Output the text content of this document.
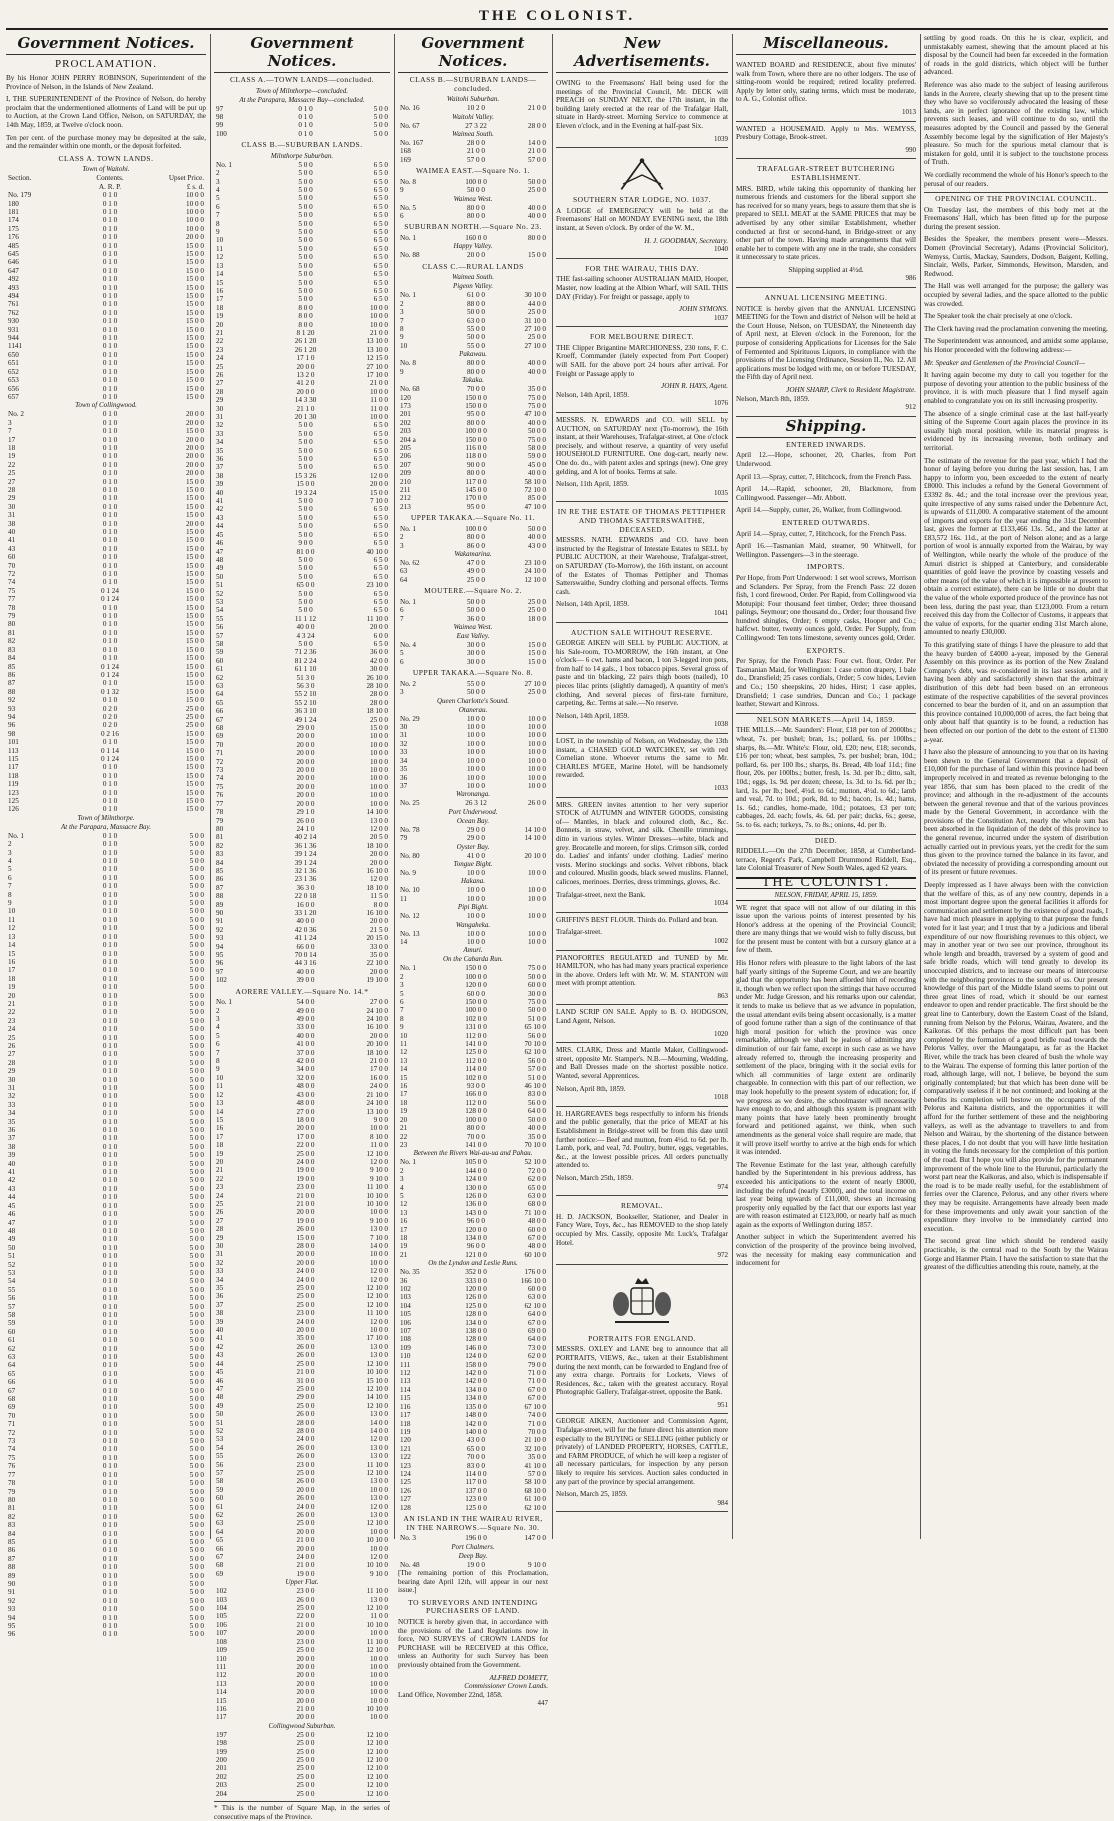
THE COLONIST.
Government Notices.
PROCLAMATION.

By his Honor JOHN PERRY ROBINSON, Superintendent of the Province of Nelson, in the Islands of New Zealand.

I, THE SUPERINTENDENT of the Province of Nelson, do hereby proclaim that the undermentioned allotments of Land will be put up to Auction, at the Crown Land Office, Nelson, on SATURDAY, the 14th May, 1859, at Twelve o'clock noon.

Ten per cent. of the purchase money may be deposited at the sale, and the remainder within one month, or the deposit forfeited.

CLASS A. TOWN LANDS.
Town of Waitohi.
Section.	Contents.	Upset Price.
	A. R. P.	£ s. d.
No. 179	0 1 0	10 0 0
180	0 1 0	10 0 0
181	0 1 0	10 0 0
174	0 1 0	10 0 0
175	0 1 0	10 0 0
176	0 1 0	20 0 0
485	0 1 0	15 0 0
645	0 1 0	15 0 0
646	0 1 0	15 0 0
647	0 1 0	15 0 0
492	0 1 0	15 0 0
493	0 1 0	15 0 0
494	0 1 0	15 0 0
761	0 1 0	15 0 0
762	0 1 0	15 0 0
930	0 1 0	15 0 0
931	0 1 0	15 0 0
944	0 1 0	15 0 0
1141	0 1 0	15 0 0
650	0 1 0	15 0 0
651	0 1 0	15 0 0
652	0 1 0	15 0 0
653	0 1 0	15 0 0
656	0 1 0	15 0 0
657	0 1 0	15 0 0
Town of Collingwood.
No. 2	0 1 0	20 0 0
3	0 1 0	20 0 0
7	0 1 0	15 0 0
17	0 1 0	20 0 0
18	0 1 0	20 0 0
19	0 1 0	20 0 0
22	0 1 0	20 0 0
25	0 1 0	20 0 0
27	0 1 0	15 0 0
28	0 1 0	15 0 0
29	0 1 0	15 0 0
30	0 1 0	15 0 0
31	0 1 0	15 0 0
38	0 1 0	20 0 0
40	0 1 0	15 0 0
41	0 1 0	15 0 0
43	0 1 0	15 0 0
60	0 1 0	15 0 0
70	0 1 0	15 0 0
72	0 1 0	15 0 0
74	0 1 0	15 0 0
75	0 1 24	15 0 0
77	0 1 24	15 0 0
78	0 1 0	15 0 0
79	0 1 0	15 0 0
80	0 1 0	15 0 0
81	0 1 0	15 0 0
82	0 1 0	15 0 0
83	0 1 0	15 0 0
84	0 1 0	15 0 0
85	0 1 24	15 0 0
86	0 1 24	15 0 0
87	0 1 0	15 0 0
88	0 1 32	15 0 0
92	0 1 0	15 0 0
93	0 2 0	25 0 0
94	0 2 0	25 0 0
96	0 2 0	25 0 0
98	0 2 16	15 0 0
101	0 1 0	15 0 0
113	0 1 14	15 0 0
115	0 1 24	15 0 0
117	0 1 0	15 0 0
118	0 1 0	15 0 0
119	0 1 0	15 0 0
123	0 1 0	15 0 0
125	0 1 0	15 0 0
126	0 1 0	15 0 0
Town of Milnthorpe.
At the Parapara, Massacre Bay.
No. 1	0 1 0	5 0 0
2	0 1 0	5 0 0
3	0 1 0	5 0 0
4	0 1 0	5 0 0
5	0 1 0	5 0 0
6	0 1 0	5 0 0
7	0 1 0	5 0 0
8	0 1 0	5 0 0
9	0 1 0	5 0 0
10	0 1 0	5 0 0
11	0 1 0	5 0 0
12	0 1 0	5 0 0
13	0 1 0	5 0 0
14	0 1 0	5 0 0
15	0 1 0	5 0 0
16	0 1 0	5 0 0
17	0 1 0	5 0 0
18	0 1 0	5 0 0
19	0 1 0	5 0 0
20	0 1 0	5 0 0
21	0 1 0	5 0 0
22	0 1 0	5 0 0
23	0 1 0	5 0 0
24	0 1 0	5 0 0
25	0 1 0	5 0 0
26	0 1 0	5 0 0
27	0 1 0	5 0 0
28	0 1 0	5 0 0
29	0 1 0	5 0 0
30	0 1 0	5 0 0
31	0 1 0	5 0 0
32	0 1 0	5 0 0
33	0 1 0	5 0 0
34	0 1 0	5 0 0
35	0 1 0	5 0 0
36	0 1 0	5 0 0
37	0 1 0	5 0 0
38	0 1 0	5 0 0
39	0 1 0	5 0 0
40	0 1 0	5 0 0
41	0 1 0	5 0 0
42	0 1 0	5 0 0
43	0 1 0	5 0 0
44	0 1 0	5 0 0
45	0 1 0	5 0 0
46	0 1 0	5 0 0
47	0 1 0	5 0 0
48	0 1 0	5 0 0
49	0 1 0	5 0 0
50	0 1 0	5 0 0
51	0 1 0	5 0 0
52	0 1 0	5 0 0
53	0 1 0	5 0 0
54	0 1 0	5 0 0
55	0 1 0	5 0 0
56	0 1 0	5 0 0
57	0 1 0	5 0 0
58	0 1 0	5 0 0
59	0 1 0	5 0 0
60	0 1 0	5 0 0
61	0 1 0	5 0 0
62	0 1 0	5 0 0
63	0 1 0	5 0 0
64	0 1 0	5 0 0
65	0 1 0	5 0 0
66	0 1 0	5 0 0
67	0 1 0	5 0 0
68	0 1 0	5 0 0
69	0 1 0	5 0 0
70	0 1 0	5 0 0
71	0 1 0	5 0 0
72	0 1 0	5 0 0
73	0 1 0	5 0 0
74	0 1 0	5 0 0
75	0 1 0	5 0 0
76	0 1 0	5 0 0
77	0 1 0	5 0 0
78	0 1 0	5 0 0
79	0 1 0	5 0 0
80	0 1 0	5 0 0
81	0 1 0	5 0 0
82	0 1 0	5 0 0
83	0 1 0	5 0 0
84	0 1 0	5 0 0
85	0 1 0	5 0 0
86	0 1 0	5 0 0
87	0 1 0	5 0 0
88	0 1 0	5 0 0
89	0 1 0	5 0 0
90	0 1 0	5 0 0
91	0 1 0	5 0 0
92	0 1 0	5 0 0
93	0 1 0	5 0 0
94	0 1 0	5 0 0
95	0 1 0	5 0 0
96	0 1 0	5 0 0
Government Notices.
CLASS A.—TOWN LANDS—concluded.
Town of Milnthorpe—concluded.
At the Parapara, Massacre Bay—concluded.
97	0 1 0	5 0 0
98	0 1 0	5 0 0
99	0 1 0	5 0 0
100	0 1 0	5 0 0
CLASS B.—SUBURBAN LANDS.
Milnthorpe Suburban.
No. 1	5 0 0	6 5 0
2	5 0 0	6 5 0
3	5 0 0	6 5 0
4	5 0 0	6 5 0
5	5 0 0	6 5 0
6	5 0 0	6 5 0
7	5 0 0	6 5 0
8	5 0 0	6 5 0
9	5 0 0	6 5 0
10	5 0 0	6 5 0
11	5 0 0	6 5 0
12	5 0 0	6 5 0
13	5 0 0	6 5 0
14	5 0 0	6 5 0
15	5 0 0	6 5 0
16	5 0 0	6 5 0
17	5 0 0	6 5 0
18	8 0 0	10 0 0
19	8 0 0	10 0 0
20	8 0 0	10 0 0
21	8 1 20	21 0 0
22	26 1 20	13 10 0
23	26 1 20	13 10 0
24	17 1 0	12 15 0
25	20 0 0	27 10 0
26	13 2 0	17 10 0
27	41 2 0	21 0 0
28	20 0 0	10 0 0
29	14 3 30	11 0 0
30	21 1 0	11 0 0
31	20 1 30	10 0 0
32	5 0 0	6 5 0
33	5 0 0	6 5 0
34	5 0 0	6 5 0
35	5 0 0	6 5 0
36	5 0 0	6 5 0
37	5 0 0	6 5 0
38	15 3 26	12 0 0
39	15 0 0	20 0 0
40	19 3 24	15 0 0
41	5 0 0	7 10 0
42	5 0 0	6 5 0
43	5 0 0	6 5 0
44	5 0 0	6 5 0
45	5 0 0	6 5 0
46	9 0 0	6 5 0
47	81 0 0	40 10 0
48	5 0 0	6 5 0
49	5 0 0	6 5 0
50	5 0 0	6 5 0
51	65 0 0	23 10 0
52	5 0 0	6 5 0
53	5 0 0	6 5 0
54	5 0 0	6 5 0
55	11 1 12	11 10 0
56	40 0 0	20 0 0
57	4 3 24	6 0 0
58	5 0 0	6 5 0
59	71 2 36	36 0 0
60	81 2 24	42 0 0
61	61 1 10	30 0 0
62	51 3 0	26 10 0
63	56 3 0	28 10 0
64	55 2 10	28 0 0
65	55 2 10	28 0 0
66	36 3 10	18 10 0
67	49 1 24	25 0 0
68	29 0 0	15 0 0
69	20 0 0	10 0 0
70	20 0 0	10 0 0
71	20 0 0	10 0 0
72	20 0 0	10 0 0
73	20 0 0	10 0 0
74	20 0 0	10 0 0
75	20 0 0	10 0 0
76	20 0 0	10 0 0
77	20 0 0	10 0 0
78	29 1 0	14 10 0
79	26 0 0	13 0 0
80	24 1 0	12 0 0
81	40 2 14	20 5 0
82	36 1 36	18 10 0
83	39 1 24	20 0 0
84	39 1 24	20 0 0
85	32 1 36	16 10 0
86	23 1 36	12 0 0
87	36 3 0	18 10 0
88	22 0 18	11 5 0
89	16 0 0	8 0 0
90	33 1 20	16 10 0
91	40 0 0	20 0 0
92	42 0 36	21 5 0
93	41 1 24	20 15 0
94	66 0 0	33 0 0
95	70 0 14	35 0 0
96	44 3 16	22 10 0
97	40 0 0	20 0 0
102	39 0 0	19 10 0
AORERE VALLEY.—Square No. 14.*
No. 1	54 0 0	27 0 0
2	49 0 0	24 10 0
3	49 0 0	24 10 0
4	33 0 0	16 10 0
5	40 0 0	20 0 0
6	41 0 0	20 10 0
7	37 0 0	18 10 0
8	42 0 0	21 0 0
9	34 0 0	17 0 0
10	32 0 0	16 0 0
11	48 0 0	24 0 0
12	43 0 0	21 10 0
13	48 0 0	24 10 0
14	27 0 0	13 10 0
15	18 0 0	9 0 0
16	20 0 0	10 0 0
17	17 0 0	8 10 0
18	22 0 0	11 0 0
19	25 0 0	12 10 0
20	24 0 0	12 0 0
21	19 0 0	9 10 0
22	19 0 0	9 10 0
23	23 0 0	11 10 0
24	21 0 0	10 10 0
25	21 0 0	10 10 0
26	20 0 0	10 0 0
27	19 0 0	9 10 0
28	26 0 0	13 0 0
29	15 0 0	7 10 0
30	28 0 0	14 0 0
31	20 0 0	10 0 0
32	20 0 0	10 0 0
33	24 0 0	12 0 0
34	24 0 0	12 0 0
35	25 0 0	12 10 0
36	25 0 0	12 10 0
37	25 0 0	12 10 0
38	23 0 0	11 10 0
39	24 0 0	12 0 0
40	20 0 0	10 0 0
41	35 0 0	17 10 0
42	26 0 0	13 0 0
43	26 0 0	13 0 0
44	25 0 0	12 10 0
45	21 0 0	10 10 0
46	31 0 0	15 10 0
47	25 0 0	12 10 0
48	29 0 0	14 10 0
49	25 0 0	12 10 0
50	26 0 0	13 0 0
51	28 0 0	14 0 0
52	28 0 0	14 0 0
53	24 0 0	12 0 0
54	26 0 0	13 0 0
55	26 0 0	13 0 0
56	23 0 0	11 10 0
57	25 0 0	12 10 0
58	26 0 0	13 0 0
59	20 0 0	10 0 0
60	26 0 0	13 0 0
61	24 0 0	12 0 0
62	26 0 0	13 0 0
63	25 0 0	12 10 0
64	20 0 0	10 0 0
65	21 0 0	10 10 0
66	20 0 0	10 0 0
67	24 0 0	12 0 0
68	21 0 0	10 10 0
69	19 0 0	9 10 0
Upper Flat.
102	23 0 0	11 10 0
103	26 0 0	13 0 0
104	25 0 0	12 10 0
105	22 0 0	11 0 0
106	21 0 0	10 10 0
107	20 0 0	10 0 0
108	23 0 0	11 10 0
109	25 0 0	12 10 0
110	20 0 0	10 0 0
111	20 0 0	10 0 0
112	20 0 0	10 0 0
113	20 0 0	10 0 0
114	20 0 0	10 0 0
115	20 0 0	10 0 0
116	21 0 0	10 10 0
117	20 0 0	10 0 0
Collingwood Suburban.
197	25 0 0	12 10 0
198	25 0 0	12 10 0
199	25 0 0	12 10 0
200	25 0 0	12 10 0
201	25 0 0	12 10 0
202	25 0 0	12 10 0
203	25 0 0	12 10 0
204	25 0 0	12 10 0

* This is the number of Square Map, in the series of consecutive maps of the Province.

Government Notices.
CLASS B.—SUBURBAN LANDS—concluded.
Waitohi Suburban.
No. 16	10 2 0	21 0 0
Waitohi Valley.
No. 67	27 3 22	28 0 0
Waimea South.
No. 167	28 0 0	14 0 0
168	21 0 0	21 0 0
169	57 0 0	57 0 0
WAIMEA EAST.—Square No. 1.
No. 8	100 0 0	50 0 0
9	50 0 0	25 0 0
Waimea West.
No. 5	80 0 0	40 0 0
6	80 0 0	40 0 0
SUBURBAN NORTH.—Square No. 23.
No. 1	160 0 0	80 0 0
Happy Valley.
No. 88	20 0 0	15 0 0
CLASS C.—RURAL LANDS
Waimea South.
Pigeon Valley.
No. 1	61 0 0	30 10 0
2	88 0 0	44 0 0
3	50 0 0	25 0 0
7	63 0 0	31 10 0
8	55 0 0	27 10 0
9	50 0 0	25 0 0
10	55 0 0	27 10 0
Pakawau.
No. 8	80 0 0	40 0 0
9	80 0 0	40 0 0
Takaka.
No. 68	70 0 0	35 0 0
120	150 0 0	75 0 0
173	150 0 0	75 0 0
201	95 0 0	47 10 0
202	80 0 0	40 0 0
203	100 0 0	50 0 0
204 a	150 0 0	75 0 0
205	116 0 0	58 0 0
206	118 0 0	59 0 0
207	90 0 0	45 0 0
209	80 0 0	40 0 0
210	117 0 0	58 10 0
211	145 0 0	72 10 0
212	170 0 0	85 0 0
213	95 0 0	47 10 0
UPPER TAKAKA.—Square No. 11.
No. 1	100 0 0	50 0 0
2	80 0 0	40 0 0
3	86 0 0	43 0 0
Wakamarina.
No. 62	47 0 0	23 10 0
63	49 0 0	24 10 0
64	25 0 0	12 10 0
MOUTERE.—Square No. 2.
No. 1	50 0 0	25 0 0
6	50 0 0	25 0 0
7	36 0 0	18 0 0
Waimea West.
East Valley.
No. 4	30 0 0	15 0 0
5	30 0 0	15 0 0
6	30 0 0	15 0 0
UPPER TAKAKA.—Square No. 8.
No. 2	55 0 0	27 10 0
3	50 0 0	25 0 0
Queen Charlotte's Sound.
Otanerau.
No. 29	10 0 0	10 0 0
30	10 0 0	10 0 0
31	10 0 0	10 0 0
32	10 0 0	10 0 0
33	10 0 0	10 0 0
34	10 0 0	10 0 0
35	10 0 0	10 0 0
36	10 0 0	10 0 0
37	10 0 0	10 0 0
Waronanga.
No. 25	26 3 12	26 0 0
Port Underwood.
Ocean Bay.
No. 78	29 0 0	14 10 0
79	29 0 0	14 10 0
Oyster Bay.
No. 80	41 0 0	20 10 0
Tongue Bight.
No. 9	10 0 0	10 0 0
Hakana.
No. 10	10 0 0	10 0 0
11	10 0 0	10 0 0
Pipi Bight.
No. 12	10 0 0	10 0 0
Wangaheka.
No. 13	10 0 0	10 0 0
14	10 0 0	10 0 0
Amuri.
On the Cabarda Run.
No. 1	150 0 0	75 0 0
2	100 0 0	50 0 0
3	120 0 0	60 0 0
5	60 0 0	30 0 0
6	150 0 0	75 0 0
7	100 0 0	50 0 0
8	102 0 0	51 0 0
9	131 0 0	65 10 0
10	112 0 0	56 0 0
11	141 0 0	70 10 0
12	125 0 0	62 10 0
13	112 0 0	56 0 0
14	114 0 0	57 0 0
15	102 0 0	51 0 0
16	93 0 0	46 10 0
17	166 0 0	83 0 0
18	112 0 0	56 0 0
19	128 0 0	64 0 0
20	100 0 0	50 0 0
21	80 0 0	40 0 0
22	70 0 0	35 0 0
23	141 0 0	70 10 0
Between the Rivers Wai-au-ua and Pahau.
No. 1	105 0 0	52 10 0
2	144 0 0	72 0 0
3	124 0 0	62 0 0
4	130 0 0	65 0 0
5	126 0 0	63 0 0
12	136 0 0	68 0 0
13	143 0 0	71 10 0
16	96 0 0	48 0 0
17	120 0 0	60 0 0
18	134 0 0	67 0 0
19	96 0 0	48 0 0
21	121 0 0	60 10 0
On the Lyndon and Leslie Runs.
No. 35	352 0 0	176 0 0
36	333 0 0	166 10 0
102	120 0 0	60 0 0
103	126 0 0	63 0 0
104	125 0 0	62 10 0
105	128 0 0	64 0 0
106	134 0 0	67 0 0
107	138 0 0	69 0 0
108	128 0 0	64 0 0
109	146 0 0	73 0 0
110	124 0 0	62 0 0
111	158 0 0	79 0 0
112	142 0 0	71 0 0
113	142 0 0	71 0 0
114	134 0 0	67 0 0
115	134 0 0	67 0 0
116	135 0 0	67 10 0
117	148 0 0	74 0 0
118	142 0 0	71 0 0
119	140 0 0	70 0 0
120	43 0 0	21 10 0
121	65 0 0	32 10 0
122	70 0 0	35 0 0
123	83 0 0	41 10 0
124	114 0 0	57 0 0
125	117 0 0	58 10 0
126	137 0 0	68 10 0
127	123 0 0	61 10 0
128	125 0 0	62 10 0
AN ISLAND IN THE WAIRAU RIVER, IN THE NARROWS.—Square No. 30.
No. 3	196 0 0	147 0 0
Port Chalmers.
Deep Bay.
No. 48	19 0 0	9 10 0

[The remaining portion of this Proclamation, bearing date April 12th, will appear in our next issue.]

TO SURVEYORS AND INTENDING PURCHASERS OF LAND.

NOTICE is hereby given that, in accordance with the provisions of the Land Regulations now in force, NO SURVEYS of CROWN LANDS for PURCHASE will be RECEIVED at this Office, unless an Authority for such Survey has been previously obtained from the Government.

ALFRED DOMETT,
Commissioner Crown Lands.
Land Office, November 22nd, 1858.
447
New Advertisements.

OWING to the Freemasons' Hall being used for the meetings of the Provincial Council, Mr. DECK will PREACH on SUNDAY NEXT, the 17th instant, in the building lately erected at the rear of the Trafalgar Hall, situate in Hardy-street. Morning Service to commence at Eleven o'clock, and in the Evening at half-past Six.

1039
SOUTHERN STAR LODGE, NO. 1037.

A LODGE of EMERGENCY will be held at the Freemasons' Hall on MONDAY EVENING next, the 18th instant, at Seven o'clock. By order of the W. M.,

H. J. GOODMAN, Secretary.
1040
FOR THE WAIRAU, THIS DAY.

THE fast-sailing schooner AUSTRALIAN MAID, Hooper, Master, now loading at the Albion Wharf, will SAIL THIS DAY (Friday). For freight or passage, apply to

JOHN SYMONS.
1037
FOR MELBOURNE DIRECT.

THE Clipper Brigantine MARCHIONESS, 230 tons, F. C. Kroeff, Commander (lately expected from Port Cooper) will SAIL for the above port 24 hours after arrival. For Freight or Passage apply to

JOHN R. HAYS, Agent.
Nelson, 14th April, 1859.
1076

MESSRS. N. EDWARDS and CO. will SELL by AUCTION, on SATURDAY next (To-morrow), the 16th instant, at their Warehouses, Trafalgar-street, at One o'clock precisely, and without reserve, a quantity of very useful HOUSEHOLD FURNITURE. One dog-cart, nearly new. One do. do., with patent axles and springs (new). One grey gelding, and A lot of books. Terms at sale.

Nelson, 11th April, 1859.
1035
IN RE THE ESTATE OF THOMAS PETTIPHER AND THOMAS SATTERSWAITHE, DECEASED.

MESSRS. NATH. EDWARDS and CO. have been instructed by the Registrar of Intestate Estates to SELL by PUBLIC AUCTION, at their Warehouse, Trafalgar-street, on SATURDAY (To-Morrow), the 16th instant, on account of the Estates of Thomas Pettipher and Thomas Satterswaithe, Sundry clothing and personal effects. Terms cash.

Nelson, 14th April, 1859.
1041
AUCTION SALE WITHOUT RESERVE.

GEORGE AIKEN will SELL by PUBLIC AUCTION, at his Sale-room, TO-MORROW, the 16th instant, at One o'clock— 6 cwt. hams and bacon, 1 ton 3-legged iron pots, from half to 14 gals., 1 box tobacco pipes. Several gross of paste and tin blacking, 22 pairs thigh boots (nailed), 10 pieces lilac prints (slightly damaged), A quantity of men's clothing, And several pieces of first-rate furniture, carpeting, &c. Terms at sale.—No reserve.

Nelson, 14th April, 1859.
1038

LOST, in the township of Nelson, on Wednesday, the 13th instant, a CHASED GOLD WATCHKEY, set with red Cornelian stone. Whoever returns the same to Mr. CHARLES M'GEE, Marine Hotel, will be handsomely rewarded.

1033

MRS. GREEN invites attention to her very superior STOCK of AUTUMN and WINTER GOODS, consisting of— Mantles, in black and coloured cloth, &c., &c. Bonnets, in straw, velvet, and silk. Chenille trimmings, ditto in various styles. Winter Dresses—white, black and grey. Brocatelle and moreen, for slips. Crimson silk, corded do. Ladies' and infants' under clothing. Ladies' merino vests. Merino stockings and socks. Velvet ribbons, black and coloured. Muslin goods, black sewed muslins. Flannel, calicoes, merinoes. Derries, dress trimmings, gloves, &c.

Trafalgar-street, next the Bank.
1034

GRIFFIN'S BEST FLOUR. Thirds do. Pollard and bran.

Trafalgar-street.
1002

PIANOFORTES REGULATED and TUNED by Mr. HAMILTON, who has had many years practical experience in the above. Orders left with Mr. W. M. STANTON will meet with prompt attention.

863

LAND SCRIP ON SALE. Apply to B. O. HODGSON, Land Agent, Nelson.

1020

MRS. CLARK, Dress and Mantle Maker, Collingwood-street, opposite Mr. Stamper's. N.B.—Mourning, Wedding, and Ball Dresses made on the shortest possible notice. Wanted, several Apprentices.

Nelson, April 8th, 1859.
1018

H. HARGREAVES begs respectfully to inform his friends and the public generally, that the price of MEAT at his Establishment in Bridge-street will be from this date until further notice:— Beef and mutton, from 4½d. to 6d. per lb. Lamb, pork, and veal, 7d. Poultry, butter, eggs, vegetables, &c., at the lowest possible prices. All orders punctually attended to.

Nelson, March 25th, 1859.
974
REMOVAL.

H. D. JACKSON, Bookseller, Stationer, and Dealer in Fancy Ware, Toys, &c., has REMOVED to the shop lately occupied by Mrs. Cassily, opposite Mr. Luck's, Trafalgar Hotel.

972
PORTRAITS FOR ENGLAND.

MESSRS. OXLEY and LANE beg to announce that all PORTRAITS, VIEWS, &c., taken at their Establishment during the next month, can be forwarded to England free of any extra charge. Portraits for Lockets, Views of Residences, &c., taken with the greatest accuracy. Royal Photographic Gallery, Trafalgar-street, opposite the Bank.

951

GEORGE AIKEN, Auctioneer and Commission Agent, Trafalgar-street, will for the future direct his attention more especially to the BUYING or SELLING (either publicly or privately) of LANDED PROPERTY, HORSES, CATTLE, and FARM PRODUCE, of which he will keep a register of all necessary particulars, for inspection by any person likely to require his services. Auction sales conducted in any part of the province by special arrangement.

Nelson, March 25, 1859.
984
Miscellaneous.

WANTED BOARD and RESIDENCE, about five minutes' walk from Town, where there are no other lodgers. The use of sitting-room would be required; retired locality preferred. Apply by letter only, stating terms, which must be moderate, to A. G., Colonist office.

1013

WANTED a HOUSEMAID. Apply to Mrs. WEMYSS, Presbury Cottage, Brook-street.

990
TRAFALGAR-STREET BUTCHERING ESTABLISHMENT.

MRS. BIRD, while taking this opportunity of thanking her numerous friends and customers for the liberal support she has received for so many years, begs to assure them that she is prepared to SELL MEAT at the SAME PRICES that may be advertised by any other similar Establishment, whether conducted at first or second-hand, in Bridge-street or any other part of the town. Having made arrangements that will enable her to compete with any one in the trade, she considers it unnecessary to state prices.

Shipping supplied at 4½d.
986
ANNUAL LICENSING MEETING.

NOTICE is hereby given that the ANNUAL LICENSING MEETING for the Town and district of Nelson will be held at the Court House, Nelson, on TUESDAY, the Nineteenth day of April next, at Eleven o'clock in the Forenoon, for the purpose of considering Applications for Licenses for the Sale of Fermented and Spirituous Liquors, in compliance with the provisions of the Licensing Ordinance, Session II., No. 12. All applications must be lodged with me, on or before TUESDAY, the Fifth day of April next.

JOHN SHARP, Clerk to Resident Magistrate.
Nelson, March 8th, 1859.
912
Shipping.
ENTERED INWARDS.

April 12.—Hope, schooner, 20, Charles, from Port Underwood.

April 13.—Spray, cutter, 7, Hitchcock, from the French Pass.

April 14.—Rapid, schooner, 20, Blackmore, from Collingwood. Passenger—Mr. Abbott.

April 14.—Supply, cutter, 26, Walker, from Collingwood.

ENTERED OUTWARDS.

April 14.—Spray, cutter, 7, Hitchcock, for the French Pass.

April 16.—Tasmanian Maid, steamer, 90 Whitwell, for Wellington. Passengers—3 in the steerage.

IMPORTS.

Per Hope, from Port Underwood: 1 set wool screws, Morrison and Sclanders. Per Spray, from the French Pass: 22 dozen fish, 1 cord firewood, Order. Per Rapid, from Collingwood via Motupipi: Four thousand feet timber, Order; three thousand palings, Seymour; one thousand do., Order; four thousand five hundred shingles, Order; 6 empty casks, Hooper and Co.; halfcwt. butter, twenty ounces gold, Order. Per Supply, from Collingwood: Ten tons limestone, seventy ounces gold, Order.

EXPORTS.

Per Spray, for the French Pass: Four cwt. flour, Order. Per Tasmanian Maid, for Wellington: 1 case cotton drapery, 1 bale do., Dransfield; 25 cases cordials, Order; 5 cow hides, Levien and Co.; 150 sheepskins, 20 hides, Hirst; 1 case apples, Dransfield; 1 case sundries, Duncan and Co.; 1 package leather, Stewart and Kinross.

NELSON MARKETS.—April 14, 1859.

THE MILLS.—Mr. Saunders': Flour, £18 per ton of 2000lbs.; wheat, 7s. per bushel; bran, 1s.; pollard, 6s. per 100lbs.; sharps, 8s.—Mr. White's: Flour, old, £20; new, £18; seconds, £16 per ton; wheat, best samples, 7s. per bushel; bran, 10d.; pollard, 6s. per 100 lbs.; sharps, 8s. Bread, 4lb loaf 11d.; fine flour, 20s. per 100lbs.; butter, fresh, 1s. 3d. per lb.; ditto, salt, 10d.; eggs, 1s. 9d. per dozen; cheese, 1s. 3d. to 1s. 6d. per lb.; lard, 1s. per lb.; beef, 4½d. to 6d.; mutton, 4½d. to 6d.; lamb and veal, 7d. to 10d.; pork, 8d. to 9d.; bacon, 1s. 4d.; hams, 1s. 6d.; candles, home-made, 10d.; potatoes, £3 per ton; cabbages, 2d. each; fowls, 4s. 6d. per pair; ducks, 6s.; geese, 5s. to 6s. each; turkeys, 7s. to 8s.; onions, 4d. per lb.

DIED.

RIDDELL.—On the 27th December, 1858, at Cumberland-terrace, Regent's Park, Campbell Drummond Riddell, Esq., late Colonial Treasurer of New South Wales, aged 62 years.

THE COLONIST.
NELSON, FRIDAY, APRIL 15, 1859.

WE regret that space will not allow of our dilating in this issue upon the various points of interest presented by his Honor's address at the opening of the Provincial Council; there are many things that we would wish to fully discuss, but for the present must be content with but a cursory glance at a few of them.

His Honor refers with pleasure to the light labors of the last half yearly sittings of the Supreme Court, and we are heartily glad that the opportunity has been afforded him of recording it, though when we reflect upon the sittings that have occurred under Mr. Judge Gresson, and his remarks upon our calendar, it tends to make us believe that as we advance in population, the usual attendant evils being absent occasionally, is a matter of good fortune rather than a sign of the continuance of that high moral position for which the province was once remarkable, although we shall be jealous of admitting any diminution of our fair fame, except in such case as we have already referred to, through the increasing prosperity and settlement of the place, bringing with it the social evils for which all communities of large extent are ordinarily chargeable. In connection with this part of our reflection, we may look hopefully to the present system of education; for, if we progress as we desire, the schoolmaster will necessarily have enough to do, and although this system is pregnant with many points that have lately been prominently brought forward and petitioned against, we think, when such amendments as the general voice shall require are made, that it will prove itself worthy to arrive at the high ends for which it was intended.

The Revenue Estimate for the last year, although carefully handled by the Superintendent in his previous address, has exceeded his anticipations to the extent of nearly £8000, including the refund (nearly £3000), and the total income on last year being upwards of £11,000, shews an increasing prosperity only equalled by the fact that our exports last year are with reason estimated at £123,000, or nearly half as much again as the exports of Wellington during 1857.

Another subject in which the Superintendent averred his conviction of the prosperity of the province being involved, was the necessity for making easy communication and inducement for

settling by good roads. On this he is clear, explicit, and unmistakably earnest, shewing that the amount placed at his disposal by the Council had been far exceeded in the formation of roads in the gold districts, which object will be further advanced.

Reference was also made to the subject of leasing auriferous lands in the Aorere, clearly shewing that up to the present time they who have so vociferously advocated the leasing of these lands, are in perfect ignorance of the existing law, which prevents such leases, and will continue to do so, until the measures adopted by the Council and passed by the General Assembly become legal by the signification of Her Majesty's pleasure. So much for the spurious metal clamour that is mistaken for gold, until it is subject to the touchstone process of Truth.

We cordially recommend the whole of his Honor's speech to the perusal of our readers.

OPENING OF THE PROVINCIAL COUNCIL.

On Tuesday last, the members of this body met at the Freemasons' Hall, which has been fitted up for the purpose during the present session.

Besides the Speaker, the members present were—Messrs. Domett (Provincial Secretary), Adams (Provincial Solicitor), Wemyss, Curtis, Mackay, Saunders, Dodson, Baigent, Kelling, Sinclair, Wells, Parker, Simmonds, Hewitson, Marsden, and Redwood.

The Hall was well arranged for the purpose; the gallery was occupied by several ladies, and the space allotted to the public was crowded.

The Speaker took the chair precisely at one o'clock.

The Clerk having read the proclamation convening the meeting,

The Superintendent was announced, and amidst some applause, his Honor proceeded with the following address:—

Mr. Speaker and Gentlemen of the Provincial Council—

It having again become my duty to call you together for the purpose of devoting your attention to the public business of the province, it is with much pleasure that I find myself again enabled to congratulate you on its still increasing prosperity.

The absence of a single criminal case at the last half-yearly sitting of the Supreme Court again places the province in its usually high moral position, while its material progress is evidenced by its increasing revenue, both ordinary and territorial.

The estimate of the revenue for the past year, which I had the honor of laying before you during the last session, has, I am happy to inform you, been exceeded to the extent of nearly £8000. This includes a refund by the General Government of £3392 8s. 4d.; and the total increase over the previous year, quite irrespective of any sums raised under the Debenture Act, is upwards of £11,000. A comparative statement of the amount of imports and exports for the year ending the 31st December last, gives the former at £133,466 13s. 5d., and the latter at £83,572 16s. 11d., at the port of Nelson alone; and as a large portion of wool is annually exported from the Wairau, by way of Wellington, while nearly the whole of the produce of the Amuri district is shipped at Canterbury, and considerable quantities of gold leave the province by coasting vessels and other means (of the value of which it is impossible at present to obtain a correct estimate), there can be little or no doubt that the value of the whole exported produce of the province has not been less, during the past year, than £123,000. From a return received this day from the Collector of Customs, it appears that the value of exports, for the quarter ending 31st March alone, amounted to nearly £30,000.

To this gratifying state of things I have the pleasure to add that the heavy burden of £4000 a-year, imposed by the General Assembly on this province as its portion of the New Zealand Company's debt, was re-considered in its last session, and it having been ably and satisfactorily shewn that the arbitrary distribution of this debt had been based on an erroneous estimate of the respective capabilities of the several provinces concerned to bear the burden of it, and on an assumption that this province contained 10,000,000 of acres, the fact being that only about half that quantity is to be found, a reduction has been effected on our portion of the debt to the extent of £1300 a-year.

I have also the pleasure of announcing to you that on its having been shewn to the General Government that a deposit of £10,000 for the purchase of land within this province had been improperly received in and treated as revenue belonging to the year 1856, that sum has been placed to the credit of the province; and although in the re-adjustment of the accounts between the general revenue and that of the various provinces made by the General Government, in accordance with the provisions of the Constitution Act, nearly the whole sum has been absorbed in the liquidation of the debt of this province to the general revenue, incurred under the system of distribution actually carried out in previous years, yet the credit for the sum thus given to the province turned the balance in its favor, and obviated the necessity of providing a corresponding amount out of its present or future revenues.

Deeply impressed as I have always been with the conviction that the welfare of this, as of any new country, depends in a most important degree upon the general facilities it affords for communication and settlement by the existence of good roads, I have had much pleasure in applying to that purpose the funds voted for it last year; and I trust that by a judicious and liberal expenditure of our now flourishing revenues to this object, we may in another year or two see our province, throughout its whole length and breadth, traversed by a system of good and safe bridle roads, which will tend greatly to develop its unoccupied districts, and to increase our means of intercourse with the neighboring provinces to the south of us. Our present knowledge of this part of the Middle Island seems to point out three great lines of road, which it should be our earnest endeavor to open and render practicable. The first should be the great line to Canterbury, down the Eastern Coast of the Island, running from Nelson by the Pelorus, Wairau, Awatere, and the Kaikoras. Of this perhaps the most difficult part has been completed by the formation of a good bridle road towards the Pelorus Valley, over the Maungatapu, as far as the Hacket River, while the track has been cleared of bush the whole way to the Wairau. The expense of forming this latter portion of the road, although large, will not, I believe, be beyond the sum originally contemplated; but that which has been done will be comparatively useless if it be not continued; and looking at the benefits its completion will bestow on the occupants of the Pelorus and Kaituna districts, and the opportunities it will afford for the further settlement of these and the neighboring valleys, as well as the advantage to travellers to and from Nelson and Wairau, by the shortening of the distance between these places, I do not doubt that you will have little hesitation in voting the funds necessary for the completion of this portion of the road. But I hope you will also provide for the permanent improvement of the whole line to the Hurunui, particularly the worst part near the Kaikoras, and also, which is indispensable if the road is to be made really useful, for the establishment of ferries over the Clarence, Pelorus, and any other rivers where they may be requisite. Arrangements have already been made for these improvements and only await your sanction of the expenditure they involve to be immediately carried into execution.

The second great line which should be rendered easily practicable, is the central road to the South by the Wairau Gorge and Hanmer Plain. I have the satisfaction to state that the greatest of the difficulties attending this route, namely, at the
